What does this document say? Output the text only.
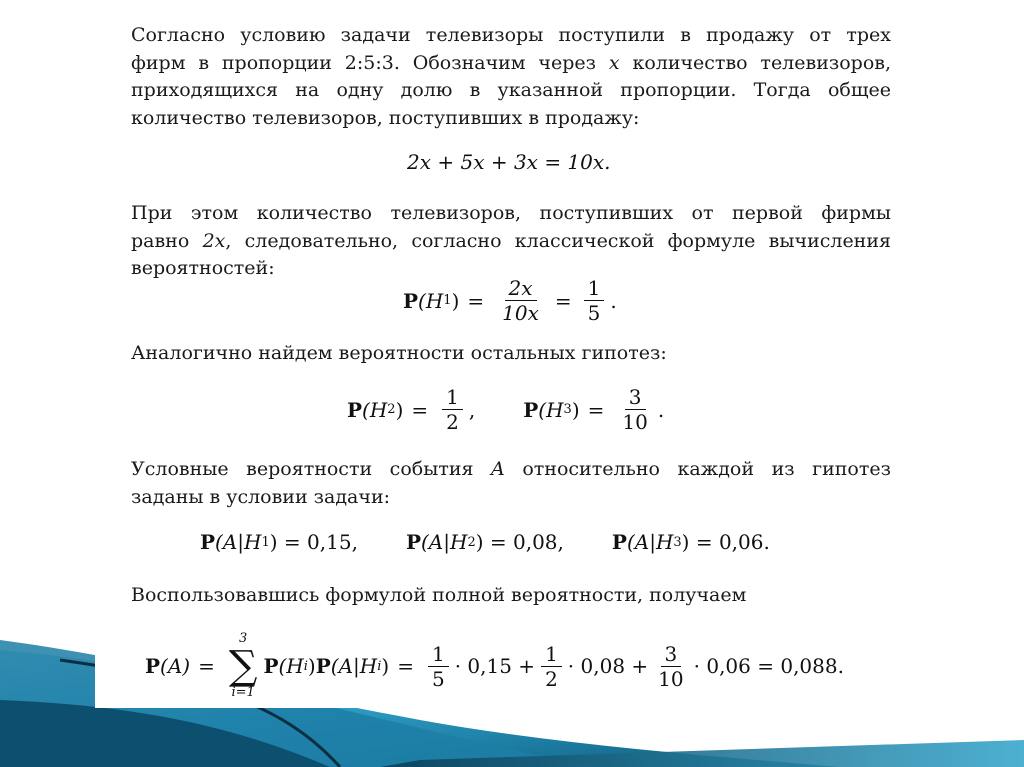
Согласно условию задачи телевизоры поступили в продажу от трех
фирм в пропорции 2:5:3. Обозначим через x количество телевизоров,
приходящихся на одну долю в указанной пропорции. Тогда общее
количество телевизоров, поступивших в продажу:

2x + 5x + 3x = 10x.

При этом количество телевизоров, поступивших от первой фирмы
равно 2x, следовательно, согласно классической формуле вычисления
вероятностей:

P (H 1 ) = $\frac{2x}{10x} = \frac{1}{5}$ .

Аналогично найдем вероятности остальных гипотез:

P (H 2 ) = $\frac{1}{2}$ , P (H 3 ) = $\frac{3}{10}$ .

Условные вероятности события A относительно каждой из гипотез
заданы в условии задачи:

P (A|H 1 ) = 0,15, P (A|H 2 ) = 0,08, P (A|H 3 ) = 0,06.

Воспользовавшись формулой полной вероятности, получаем

P (A) =
3
∑
i=1
P (H i ) P (A|H i ) = $\frac{1}{5} \cdot 0,15 + \frac{1}{2} \cdot 0,08 + \frac{3}{10} \cdot 0,06 = 0,088$.
